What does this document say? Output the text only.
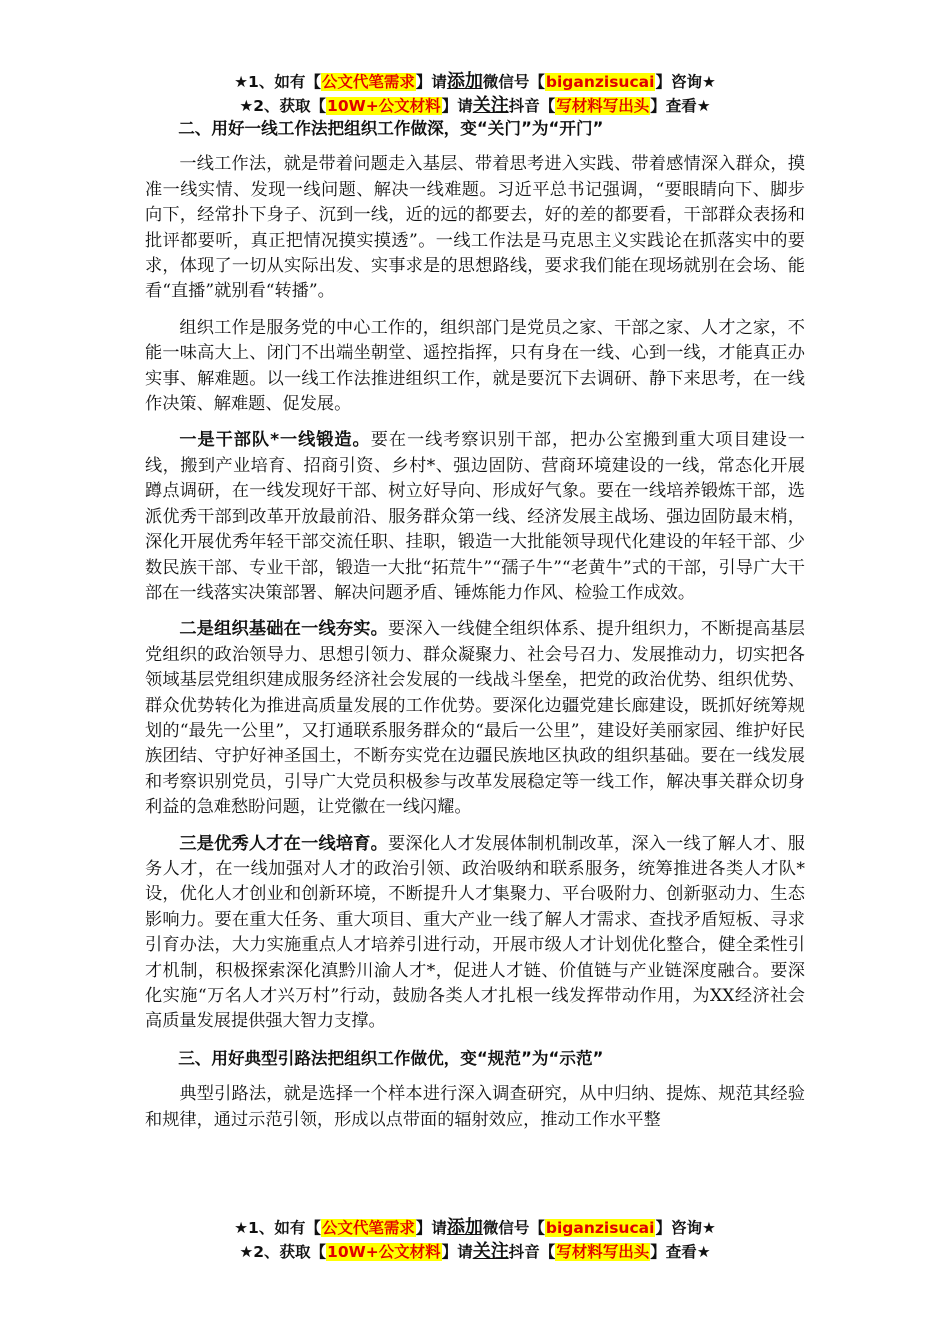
★1、如有【公文代笔需求】请添加微信号【biganzisucai】咨询★
★2、获取【10W+公文材料】请关注抖音【写材料写出头】查看★

二、用好一线工作法把组织工作做深，变“关门”为“开门”

一线工作法，就是带着问题走入基层、带着思考进入实践、带着感情深入群众，摸准一线实情、发现一线问题、解决一线难题。习近平总书记强调，“要眼睛向下、脚步向下，经常扑下身子、沉到一线，近的远的都要去，好的差的都要看，干部群众表扬和批评都要听，真正把情况摸实摸透”。一线工作法是马克思主义实践论在抓落实中的要求，体现了一切从实际出发、实事求是的思想路线，要求我们能在现场就别在会场、能看“直播”就别看“转播”。

组织工作是服务党的中心工作的，组织部门是党员之家、干部之家、人才之家，不能一味高大上、闭门不出端坐朝堂、遥控指挥，只有身在一线、心到一线，才能真正办实事、解难题。以一线工作法推进组织工作，就是要沉下去调研、静下来思考，在一线作决策、解难题、促发展。

一是干部队*一线锻造。要在一线考察识别干部，把办公室搬到重大项目建设一线，搬到产业培育、招商引资、乡村*、强边固防、营商环境建设的一线，常态化开展蹲点调研，在一线发现好干部、树立好导向、形成好气象。要在一线培养锻炼干部，选派优秀干部到改革开放最前沿、服务群众第一线、经济发展主战场、强边固防最末梢，深化开展优秀年轻干部交流任职、挂职，锻造一大批能领导现代化建设的年轻干部、少数民族干部、专业干部，锻造一大批“拓荒牛”“孺子牛”“老黄牛”式的干部，引导广大干部在一线落实决策部署、解决问题矛盾、锤炼能力作风、检验工作成效。

二是组织基础在一线夯实。要深入一线健全组织体系、提升组织力，不断提高基层党组织的政治领导力、思想引领力、群众凝聚力、社会号召力、发展推动力，切实把各领域基层党组织建成服务经济社会发展的一线战斗堡垒，把党的政治优势、组织优势、群众优势转化为推进高质量发展的工作优势。要深化边疆党建长廊建设，既抓好统筹规划的“最先一公里”，又打通联系服务群众的“最后一公里”，建设好美丽家园、维护好民族团结、守护好神圣国土，不断夯实党在边疆民族地区执政的组织基础。要在一线发展和考察识别党员，引导广大党员积极参与改革发展稳定等一线工作，解决事关群众切身利益的急难愁盼问题，让党徽在一线闪耀。

三是优秀人才在一线培育。要深化人才发展体制机制改革，深入一线了解人才、服务人才，在一线加强对人才的政治引领、政治吸纳和联系服务，统筹推进各类人才队*设，优化人才创业和创新环境，不断提升人才集聚力、平台吸附力、创新驱动力、生态影响力。要在重大任务、重大项目、重大产业一线了解人才需求、查找矛盾短板、寻求引育办法，大力实施重点人才培养引进行动，开展市级人才计划优化整合，健全柔性引才机制，积极探索深化滇黔川渝人才*，促进人才链、价值链与产业链深度融合。要深化实施“万名人才兴万村”行动，鼓励各类人才扎根一线发挥带动作用，为XX经济社会高质量发展提供强大智力支撑。

三、用好典型引路法把组织工作做优，变“规范”为“示范”

典型引路法，就是选择一个样本进行深入调查研究，从中归纳、提炼、规范其经验和规律，通过示范引领，形成以点带面的辐射效应，推动工作水平整

★1、如有【公文代笔需求】请添加微信号【biganzisucai】咨询★
★2、获取【10W+公文材料】请关注抖音【写材料写出头】查看★
